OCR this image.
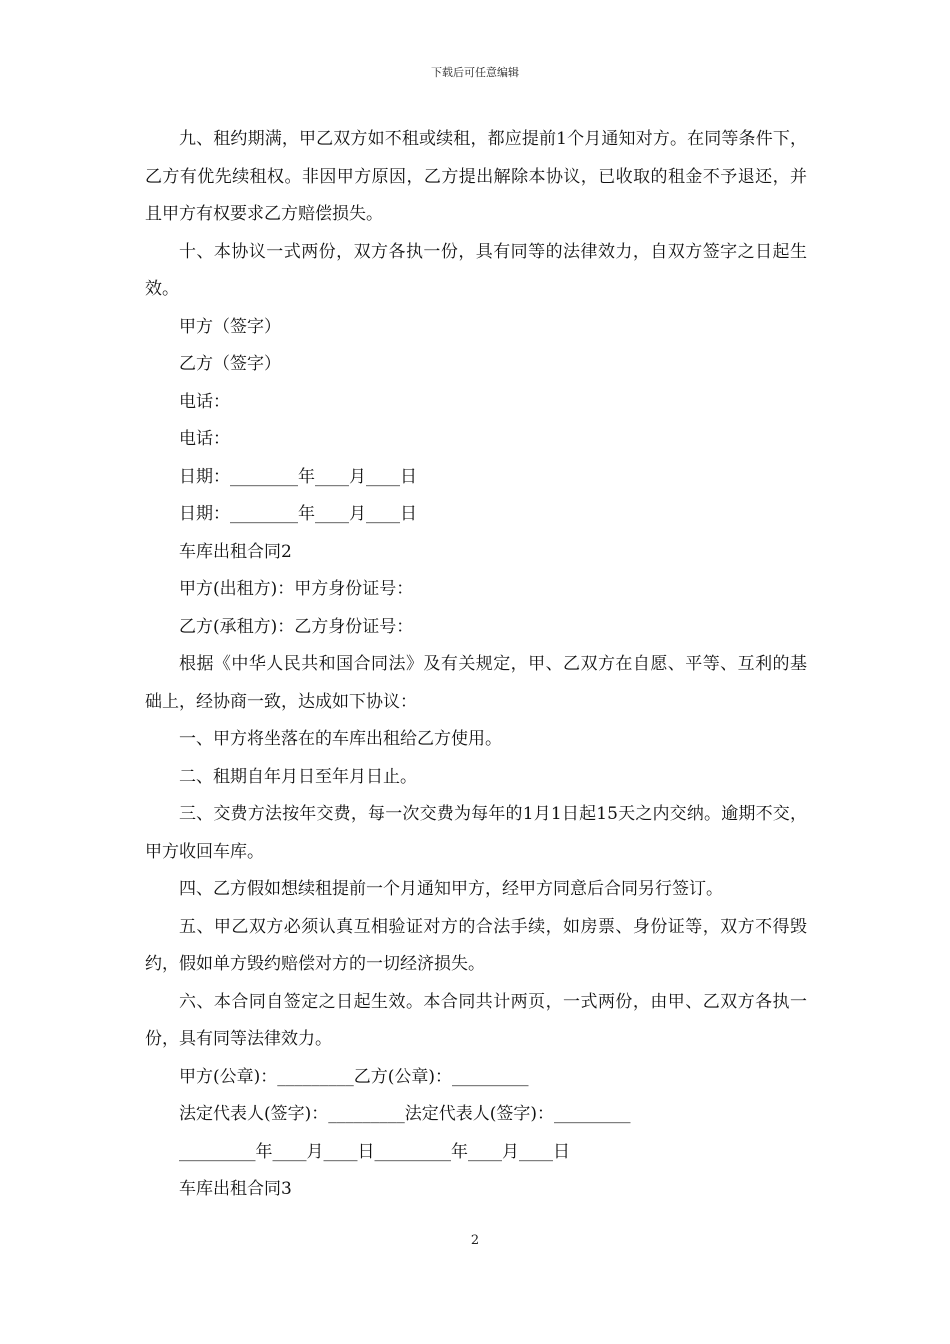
下载后可任意编辑

九、租约期满，甲乙双方如不租或续租，都应提前1个月通知对方。在同等条件下，乙方有优先续租权。非因甲方原因，乙方提出解除本协议，已收取的租金不予退还，并且甲方有权要求乙方赔偿损失。

十、本协议一式两份，双方各执一份，具有同等的法律效力，自双方签字之日起生效。

甲方（签字）

乙方（签字）

电话：

电话：

日期：________年____月____日

日期：________年____月____日

车库出租合同2

甲方(出租方)：甲方身份证号：

乙方(承租方)：乙方身份证号：

根据《中华人民共和国合同法》及有关规定，甲、乙双方在自愿、平等、互利的基础上，经协商一致，达成如下协议：

一、甲方将坐落在的车库出租给乙方使用。

二、租期自年月日至年月日止。

三、交费方法按年交费，每一次交费为每年的1月1日起15天之内交纳。逾期不交，甲方收回车库。

四、乙方假如想续租提前一个月通知甲方，经甲方同意后合同另行签订。

五、甲乙双方必须认真互相验证对方的合法手续，如房票、身份证等，双方不得毁约，假如单方毁约赔偿对方的一切经济损失。

六、本合同自签定之日起生效。本合同共计两页，一式两份，由甲、乙双方各执一份，具有同等法律效力。

甲方(公章)：_________乙方(公章)：_________

法定代表人(签字)：_________法定代表人(签字)：_________

_________年____月____日_________年____月____日

车库出租合同3

2
